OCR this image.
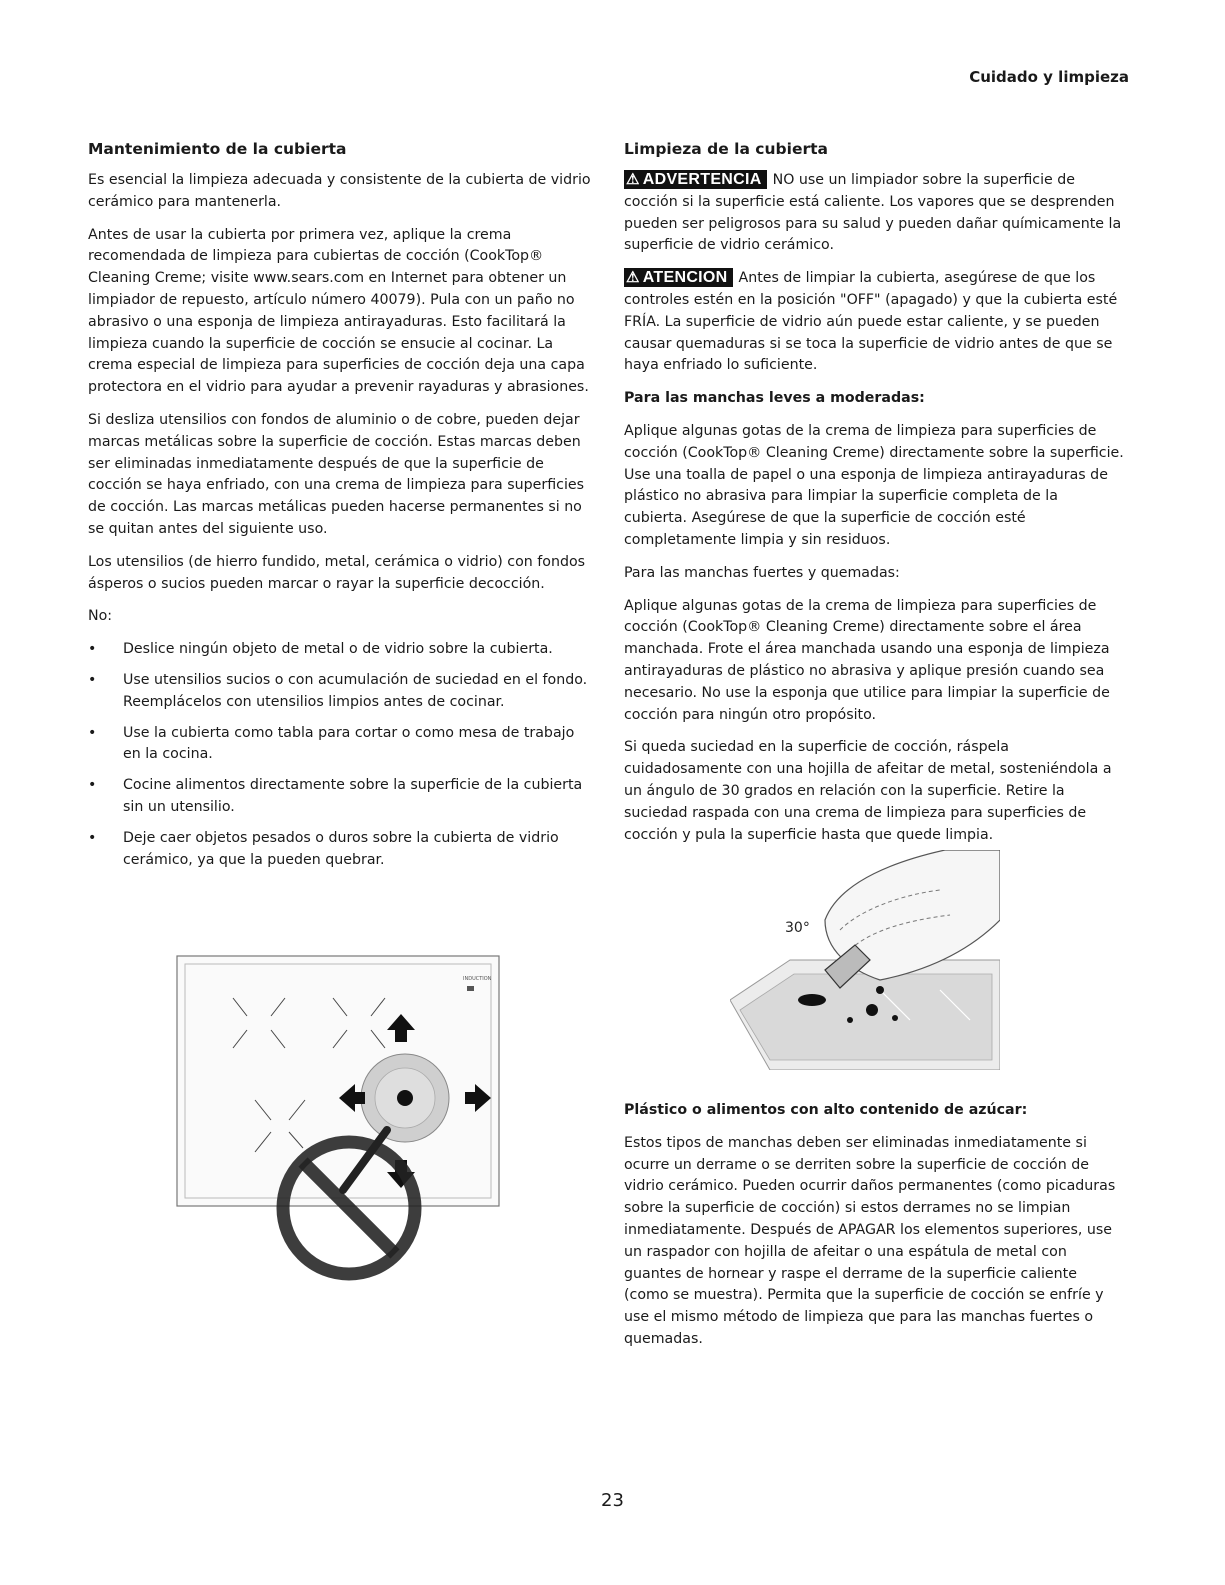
Cuidado y limpieza
Mantenimiento de la cubierta

Es esencial la limpieza adecuada y consistente de la cubierta de vidrio cerámico para mantenerla.

Antes de usar la cubierta por primera vez, aplique la crema recomendada de limpieza para cubiertas de cocción (CookTop® Cleaning Creme; visite www.sears.com en Internet para obtener un limpiador de repuesto, artículo número 40079). Pula con un paño no abrasivo o una esponja de limpieza antirayaduras. Esto facilitará la limpieza cuando la superficie de cocción se ensucie al cocinar. La crema especial de limpieza para superficies de cocción deja una capa protectora en el vidrio para ayudar a prevenir rayaduras y abrasiones.

Si desliza utensilios con fondos de aluminio o de cobre, pueden dejar marcas metálicas sobre la superficie de cocción. Estas marcas deben ser eliminadas inmediatamente después de que la superficie de cocción se haya enfriado, con una crema de limpieza para superficies de cocción. Las marcas metálicas pueden hacerse permanentes si no se quitan antes del siguiente uso.

Los utensilios (de hierro fundido, metal, cerámica o vidrio) con fondos ásperos o sucios pueden marcar o rayar la superficie decocción.

No:

• Deslice ningún objeto de metal o de vidrio sobre la cubierta.
• Use utensilios sucios o con acumulación de suciedad en el fondo. Reemplácelos con utensilios limpios antes de cocinar.
• Use la cubierta como tabla para cortar o como mesa de trabajo en la cocina.
• Cocine alimentos directamente sobre la superficie de la cubierta sin un utensilio.
• Deje caer objetos pesados o duros sobre la cubierta de vidrio cerámico, ya que la pueden quebrar.
INDUCTION
Limpieza de la cubierta

⚠ ADVERTENCIA NO use un limpiador sobre la superficie de cocción si la superficie está caliente. Los vapores que se desprenden pueden ser peligrosos para su salud y pueden dañar químicamente la superficie de vidrio cerámico.

⚠ ATENCION Antes de limpiar la cubierta, asegúrese de que los controles estén en la posición "OFF" (apagado) y que la cubierta esté FRÍA. La superficie de vidrio aún puede estar caliente, y se pueden causar quemaduras si se toca la superficie de vidrio antes de que se haya enfriado lo suficiente.

Para las manchas leves a moderadas:

Aplique algunas gotas de la crema de limpieza para superficies de cocción (CookTop® Cleaning Creme) directamente sobre la superficie. Use una toalla de papel o una esponja de limpieza antirayaduras de plástico no abrasiva para limpiar la superficie completa de la cubierta. Asegúrese de que la superficie de cocción esté completamente limpia y sin residuos.

Para las manchas fuertes y quemadas:

Aplique algunas gotas de la crema de limpieza para superficies de cocción (CookTop® Cleaning Creme) directamente sobre el área manchada. Frote el área manchada usando una esponja de limpieza antirayaduras de plástico no abrasiva y aplique presión cuando sea necesario. No use la esponja que utilice para limpiar la superficie de cocción para ningún otro propósito.

Si queda suciedad en la superficie de cocción, ráspela cuidadosamente con una hojilla de afeitar de metal, sosteniéndola a un ángulo de 30 grados en relación con la superficie. Retire la suciedad raspada con una crema de limpieza para superficies de cocción y pula la superficie hasta que quede limpia.

30°

Plástico o alimentos con alto contenido de azúcar:

Estos tipos de manchas deben ser eliminadas inmediatamente si ocurre un derrame o se derriten sobre la superficie de cocción de vidrio cerámico. Pueden ocurrir daños permanentes (como picaduras sobre la superficie de cocción) si estos derrames no se limpian inmediatamente. Después de APAGAR los elementos superiores, use un raspador con hojilla de afeitar o una espátula de metal con guantes de hornear y raspe el derrame de la superficie caliente (como se muestra). Permita que la superficie de cocción se enfríe y use el mismo método de limpieza que para las manchas fuertes o quemadas.

23
